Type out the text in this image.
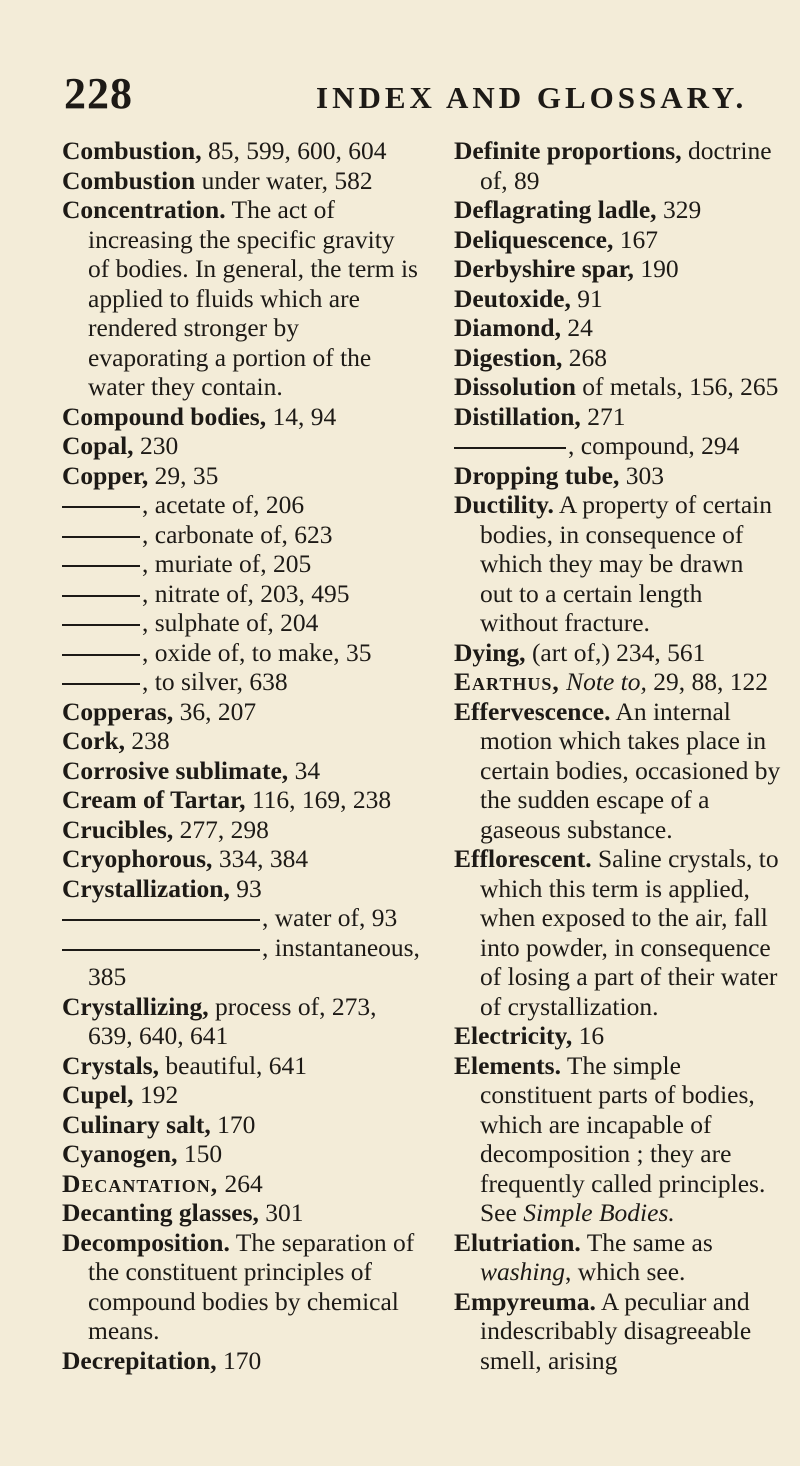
228	INDEX AND GLOSSARY.

Combustion, 85, 599, 600, 604

Combustion under water, 582

Concentration. The act of increasing the specific gravity of bodies. In general, the term is applied to fluids which are rendered stronger by evaporating a portion of the water they contain.

Compound bodies, 14, 94

Copal, 230

Copper, 29, 35

, acetate of, 206

, carbonate of, 623

, muriate of, 205

, nitrate of, 203, 495

, sulphate of, 204

, oxide of, to make, 35

, to silver, 638

Copperas, 36, 207

Cork, 238

Corrosive sublimate, 34

Cream of Tartar, 116, 169, 238

Crucibles, 277, 298

Cryophorous, 334, 384

Crystallization, 93

, water of, 93

, instantaneous, 385

Crystallizing, process of, 273, 639, 640, 641

Crystals, beautiful, 641

Cupel, 192

Culinary salt, 170

Cyanogen, 150

Decantation, 264

Decanting glasses, 301

Decomposition. The separation of the constituent principles of compound bodies by chemical means.

Decrepitation, 170

Definite proportions, doctrine of, 89

Deflagrating ladle, 329

Deliquescence, 167

Derbyshire spar, 190

Deutoxide, 91

Diamond, 24

Digestion, 268

Dissolution of metals, 156, 265

Distillation, 271

, compound, 294

Dropping tube, 303

Ductility. A property of certain bodies, in consequence of which they may be drawn out to a certain length without fracture.

Dying, (art of,) 234, 561

Earthus, Note to, 29, 88, 122

Effervescence. An internal motion which takes place in certain bodies, occasioned by the sudden escape of a gaseous substance.

Efflorescent. Saline crystals, to which this term is applied, when exposed to the air, fall into powder, in consequence of losing a part of their water of crystallization.

Electricity, 16

Elements. The simple constituent parts of bodies, which are incapable of decomposition ; they are frequently called principles. See Simple Bodies.

Elutriation. The same as washing, which see.

Empyreuma. A peculiar and indescribably disagreeable smell, arising
